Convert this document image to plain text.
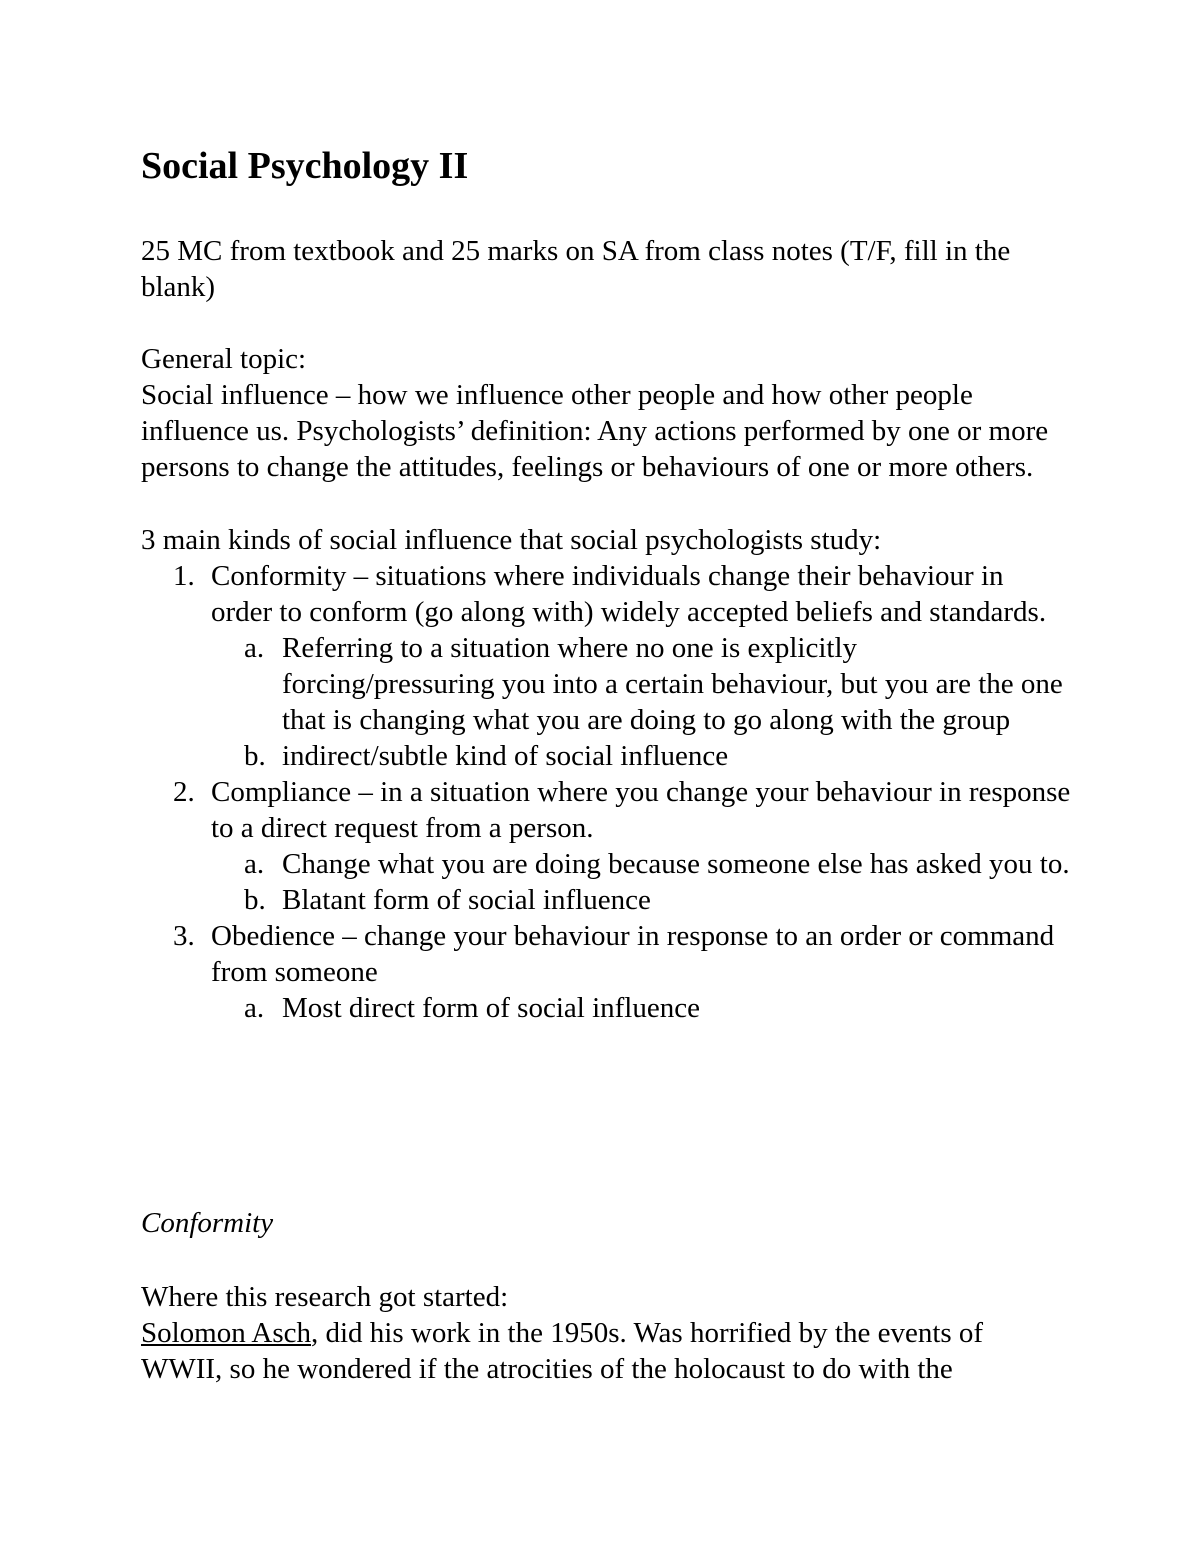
Social Psychology II
25 MC from textbook and 25 marks on SA from class notes (T/F, fill in the blank)
General topic:
Social influence – how we influence other people and how other people influence us. Psychologists’ definition: Any actions performed by one or more persons to change the attitudes, feelings or behaviours of one or more others.
3 main kinds of social influence that social psychologists study:
1. Conformity – situations where individuals change their behaviour in order to conform (go along with) widely accepted beliefs and standards.
a. Referring to a situation where no one is explicitly forcing/pressuring you into a certain behaviour, but you are the one that is changing what you are doing to go along with the group
b. indirect/subtle kind of social influence
2. Compliance – in a situation where you change your behaviour in response to a direct request from a person.
a. Change what you are doing because someone else has asked you to.
b. Blatant form of social influence
3. Obedience – change your behaviour in response to an order or command from someone
a. Most direct form of social influence
Conformity
Where this research got started:
Solomon Asch, did his work in the 1950s. Was horrified by the events of WWII, so he wondered if the atrocities of the holocaust to do with the
